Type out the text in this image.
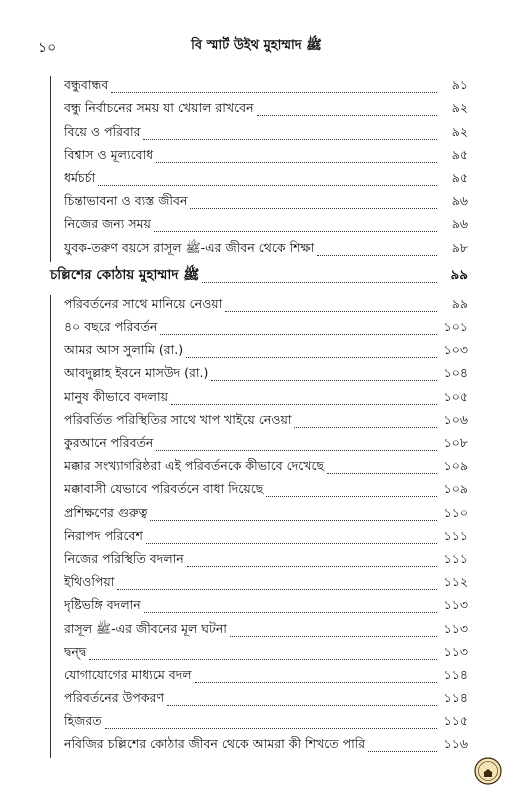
১০	বি স্মার্ট উইথ মুহাম্মাদ ﷺ
বন্ধুবান্ধব	৯১
বন্ধু নির্বাচনের সময় যা খেয়াল রাখবেন	৯২
বিয়ে ও পরিবার	৯২
বিশ্বাস ও মূল্যবোধ	৯৫
ধর্মচর্চা	৯৫
চিন্তাভাবনা ও ব্যস্ত জীবন	৯৬
নিজের জন্য সময়	৯৬
যুবক-তরুণ বয়সে রাসূল ﷺ-এর জীবন থেকে শিক্ষা	৯৮
চল্লিশের কোঠায় মুহাম্মাদ ﷺ	৯৯
পরিবর্তনের সাথে মানিয়ে নেওয়া	৯৯
৪০ বছরে পরিবর্তন	১০১
আমর আস সুলামি (রা.)	১০৩
আবদুল্লাহ ইবনে মাসউদ (রা.)	১০৪
মানুষ কীভাবে বদলায়	১০৫
পরিবর্তিত পরিস্থিতির সাথে খাপ খাইয়ে নেওয়া	১০৬
কুরআনে পরিবর্তন	১০৮
মক্কার সংখ্যাগরিষ্ঠরা এই পরিবর্তনকে কীভাবে দেখেছে	১০৯
মক্কাবাসী যেভাবে পরিবর্তনে বাধা দিয়েছে	১০৯
প্রশিক্ষণের গুরুত্ব	১১০
নিরাপদ পরিবেশ	১১১
নিজের পরিস্থিতি বদলান	১১১
ইথিওপিয়া	১১২
দৃষ্টিভঙ্গি বদলান	১১৩
রাসূল ﷺ-এর জীবনের মূল ঘটনা	১১৩
দ্বন্দ্ব	১১৩
যোগাযোগের মাধ্যমে বদল	১১৪
পরিবর্তনের উপকরণ	১১৪
হিজরত	১১৫
নবিজির চল্লিশের কোঠার জীবন থেকে আমরা কী শিখতে পারি	১১৬
